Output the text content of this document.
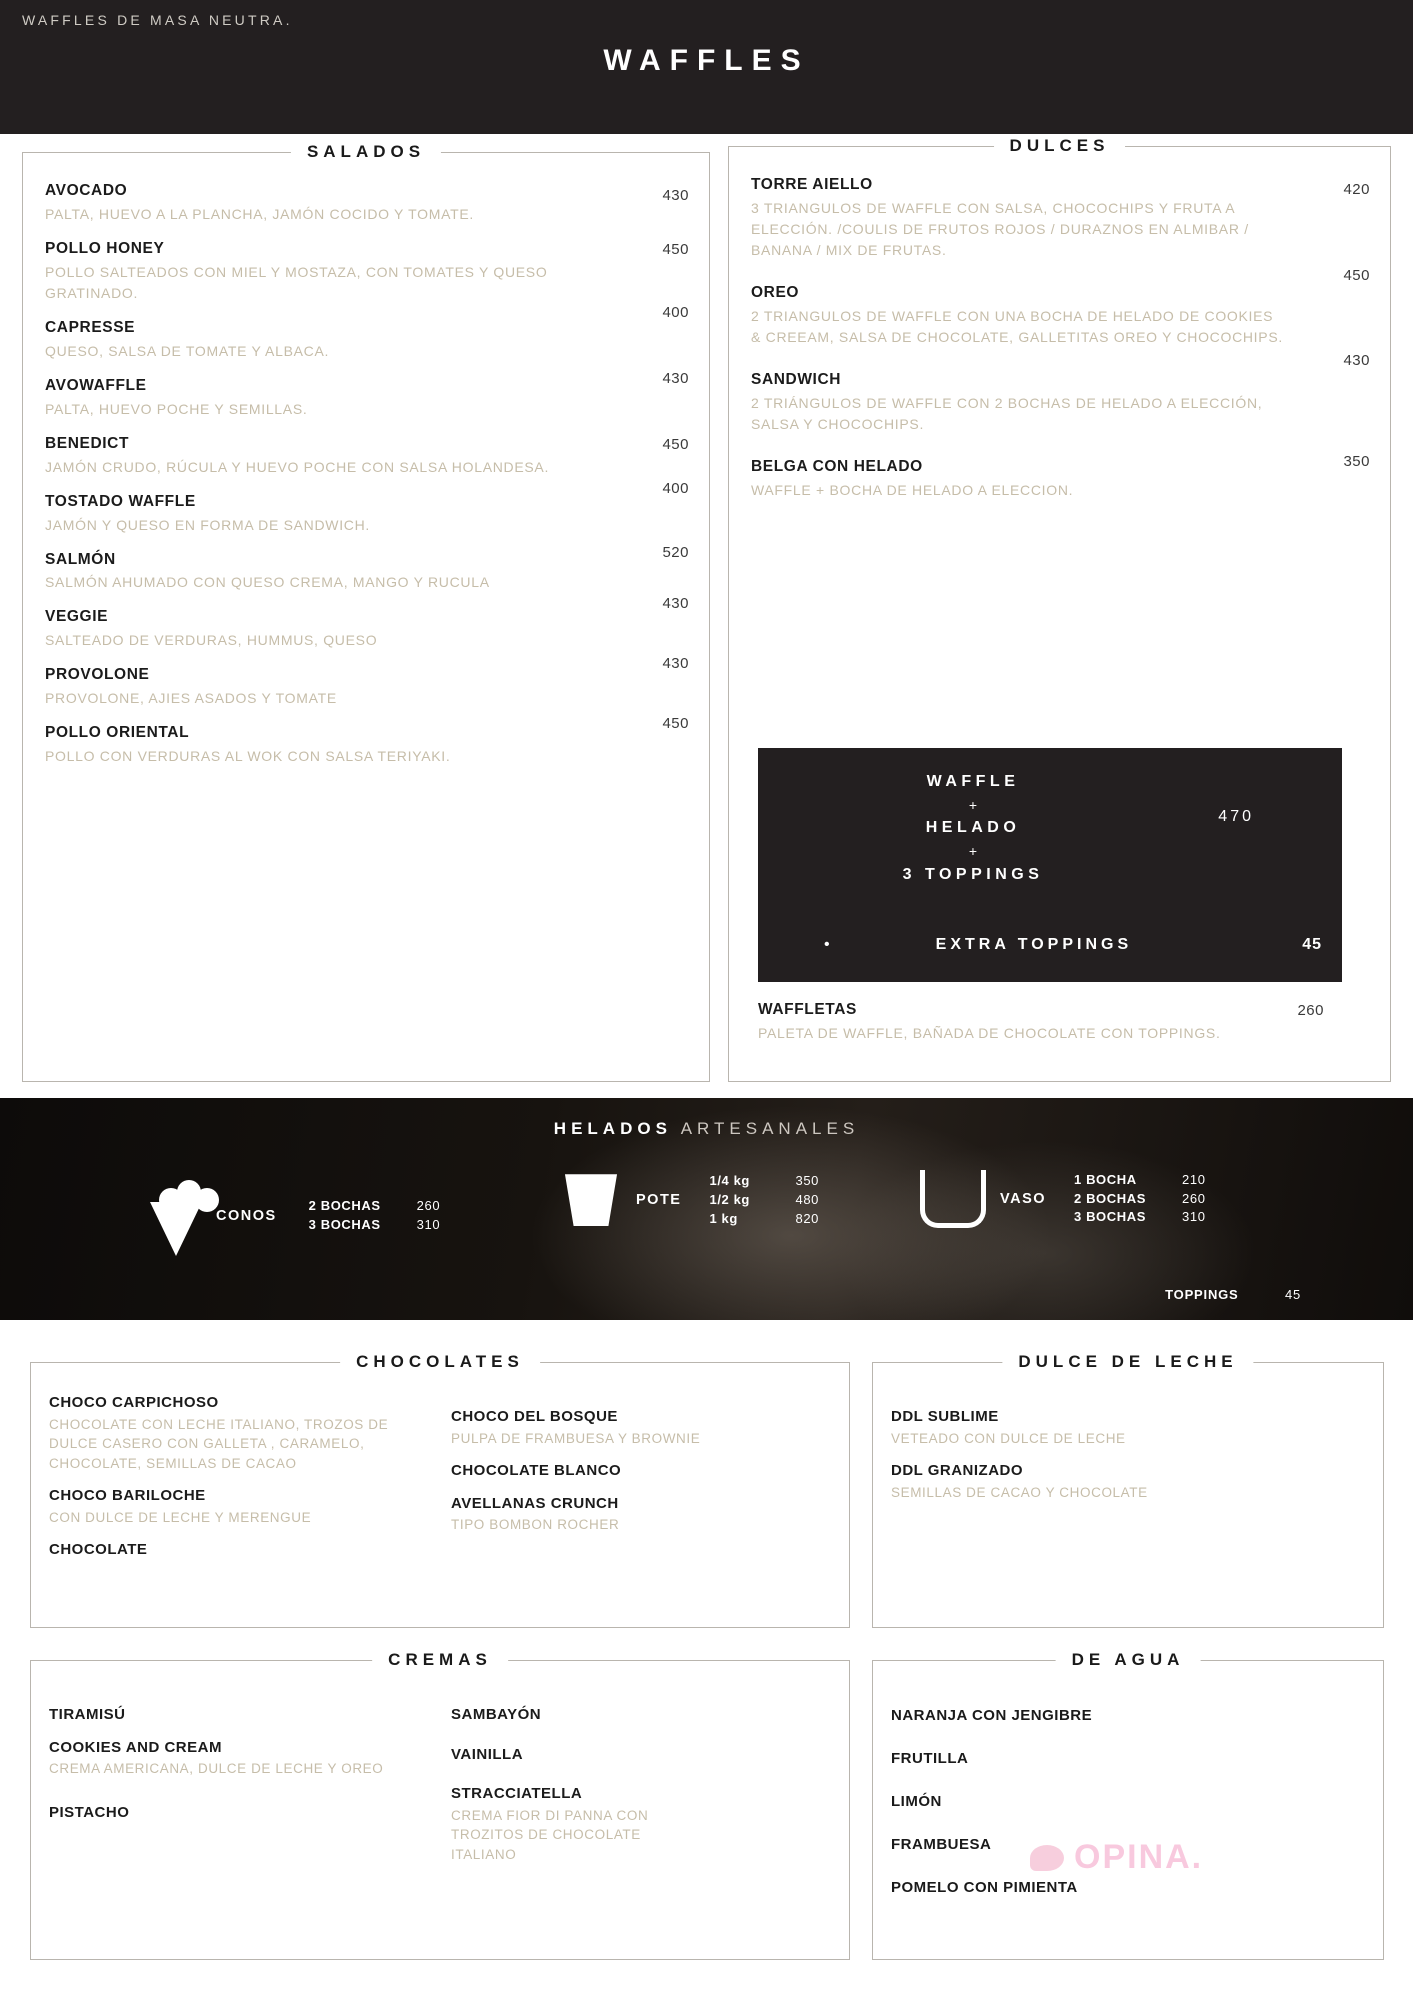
WAFFLES DE MASA NEUTRA.
WAFFLES
SALADOS
430
AVOCADO
PALTA, HUEVO A LA PLANCHA, JAMÓN COCIDO Y TOMATE.
450
POLLO HONEY
POLLO SALTEADOS CON MIEL Y MOSTAZA, CON TOMATES Y QUESO GRATINADO.
400
CAPRESSE
QUESO, SALSA DE TOMATE Y ALBACA.
430
AVOWAFFLE
PALTA, HUEVO POCHE Y SEMILLAS.
450
BENEDICT
JAMÓN CRUDO, RÚCULA Y HUEVO POCHE CON SALSA HOLANDESA.
400
TOSTADO WAFFLE
JAMÓN Y QUESO EN FORMA DE SANDWICH.
520
SALMÓN
SALMÓN AHUMADO CON QUESO CREMA, MANGO Y RUCULA
430
VEGGIE
SALTEADO DE VERDURAS, HUMMUS, QUESO
430
PROVOLONE
PROVOLONE, AJIES ASADOS Y TOMATE
450
POLLO ORIENTAL
POLLO CON VERDURAS AL WOK CON SALSA TERIYAKI.
DULCES
420
TORRE AIELLO
3 TRIANGULOS DE WAFFLE CON SALSA, CHOCOCHIPS Y FRUTA A ELECCIÓN. /COULIS DE FRUTOS ROJOS / DURAZNOS EN ALMIBAR / BANANA / MIX DE FRUTAS.
450
OREO
2 TRIANGULOS DE WAFFLE CON UNA BOCHA DE HELADO DE COOKIES & CREEAM, SALSA DE CHOCOLATE, GALLETITAS OREO Y CHOCOCHIPS.
430
SANDWICH
2 TRIÁNGULOS DE WAFFLE CON 2 BOCHAS DE HELADO A ELECCIÓN, SALSA Y CHOCOCHIPS.
350
BELGA CON HELADO
WAFFLE + BOCHA DE HELADO A ELECCION.
WAFFLE
+
HELADO
+
3 TOPPINGS
470
•	EXTRA TOPPINGS	45
260
WAFFLETAS
PALETA DE WAFFLE, BAÑADA DE CHOCOLATE CON TOPPINGS.
HELADOS ARTESANALES
CONOS
2 BOCHAS	260
3 BOCHAS	310
POTE
1/4 kg	350
1/2 kg	480
1 kg	820
VASO
1 BOCHA	210
2 BOCHAS	260
3 BOCHAS	310
TOPPINGS	45
CHOCOLATES
CHOCO CARPICHOSO
CHOCOLATE CON LECHE ITALIANO, TROZOS DE DULCE CASERO CON GALLETA , CARAMELO, CHOCOLATE, SEMILLAS DE CACAO
CHOCO BARILOCHE
CON DULCE DE LECHE Y MERENGUE
CHOCOLATE
CHOCO DEL BOSQUE
PULPA DE FRAMBUESA Y BROWNIE
CHOCOLATE BLANCO
AVELLANAS CRUNCH
TIPO BOMBON ROCHER
DULCE DE LECHE
DDL SUBLIME
VETEADO CON DULCE DE LECHE
DDL GRANIZADO
SEMILLAS DE CACAO Y CHOCOLATE
CREMAS
TIRAMISÚ
COOKIES AND CREAM
CREMA AMERICANA, DULCE DE LECHE Y OREO
PISTACHO
SAMBAYÓN
VAINILLA
STRACCIATELLA
CREMA FIOR DI PANNA CON TROZITOS DE CHOCOLATE ITALIANO
DE AGUA
NARANJA CON JENGIBRE
FRUTILLA
LIMÓN
FRAMBUESA
POMELO CON PIMIENTA
OPINA.
